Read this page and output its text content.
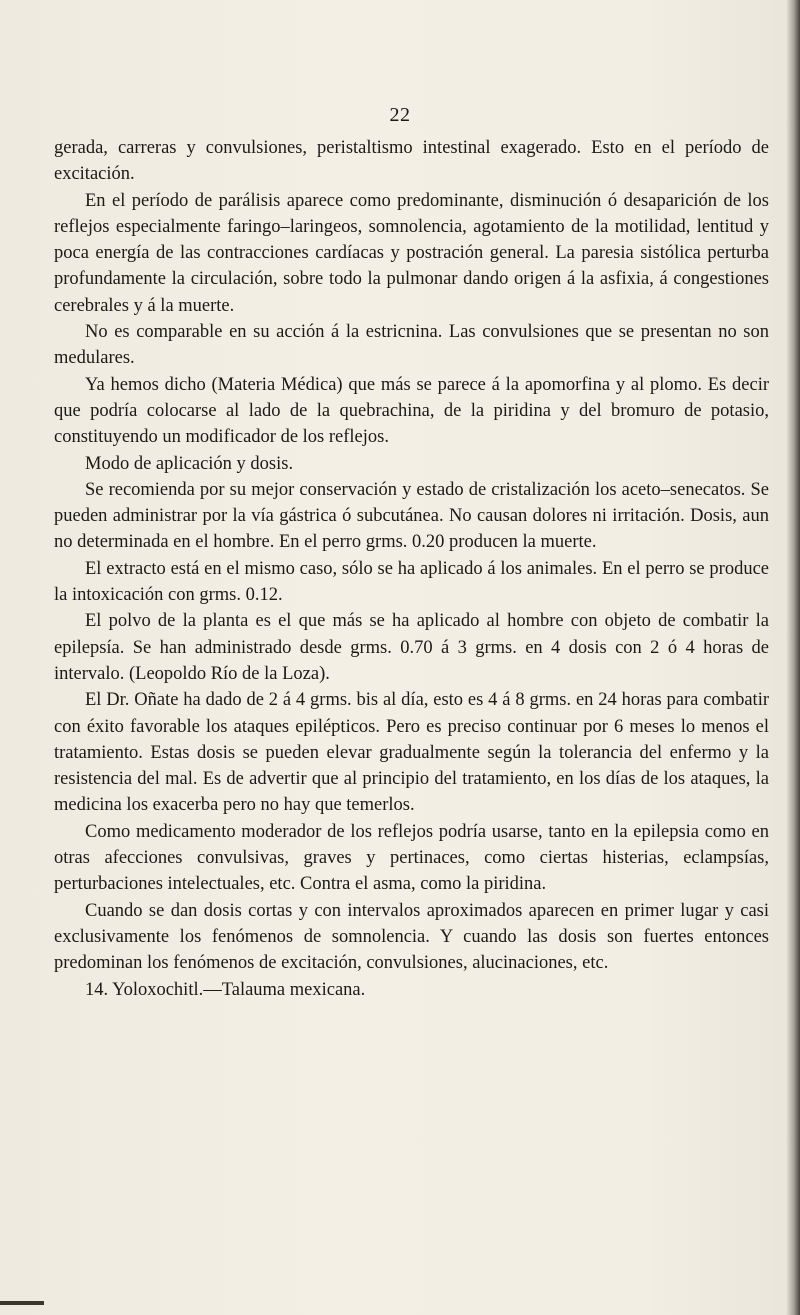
22

gerada, carreras y convulsiones, peristaltismo intestinal exagerado. Esto en el período de excitación.

En el período de parálisis aparece como predominante, disminución ó desaparición de los reflejos especialmente faringo–laringeos, somnolencia, agotamiento de la motilidad, lentitud y poca energía de las contracciones cardíacas y postración general. La paresia sistólica perturba profundamente la circulación, sobre todo la pulmonar dando origen á la asfixia, á congestiones cerebrales y á la muerte.

No es comparable en su acción á la estricnina. Las convulsiones que se presentan no son medulares.

Ya hemos dicho (Materia Médica) que más se parece á la apomorfina y al plomo. Es decir que podría colocarse al lado de la quebrachina, de la piridina y del bromuro de potasio, constituyendo un modificador de los reflejos.

Modo de aplicación y dosis.

Se recomienda por su mejor conservación y estado de cristalización los aceto–senecatos. Se pueden administrar por la vía gástrica ó subcutánea. No causan dolores ni irritación. Dosis, aun no determinada en el hombre. En el perro grms. 0.20 producen la muerte.

El extracto está en el mismo caso, sólo se ha aplicado á los animales. En el perro se produce la intoxicación con grms. 0.12.

El polvo de la planta es el que más se ha aplicado al hombre con objeto de combatir la epilepsía. Se han administrado desde grms. 0.70 á 3 grms. en 4 dosis con 2 ó 4 horas de intervalo. (Leopoldo Río de la Loza).

El Dr. Oñate ha dado de 2 á 4 grms. bis al día, esto es 4 á 8 grms. en 24 horas para combatir con éxito favorable los ataques epilépticos. Pero es preciso continuar por 6 meses lo menos el tratamiento. Estas dosis se pueden elevar gradualmente según la tolerancia del enfermo y la resistencia del mal. Es de advertir que al principio del tratamiento, en los días de los ataques, la medicina los exacerba pero no hay que temerlos.

Como medicamento moderador de los reflejos podría usarse, tanto en la epilepsia como en otras afecciones convulsivas, graves y pertinaces, como ciertas histerias, eclampsías, perturbaciones intelectuales, etc. Contra el asma, como la piridina.

Cuando se dan dosis cortas y con intervalos aproximados aparecen en primer lugar y casi exclusivamente los fenómenos de somnolencia. Y cuando las dosis son fuertes entonces predominan los fenómenos de excitación, convulsiones, alucinaciones, etc.

14. Yoloxochitl.—Talauma mexicana.
